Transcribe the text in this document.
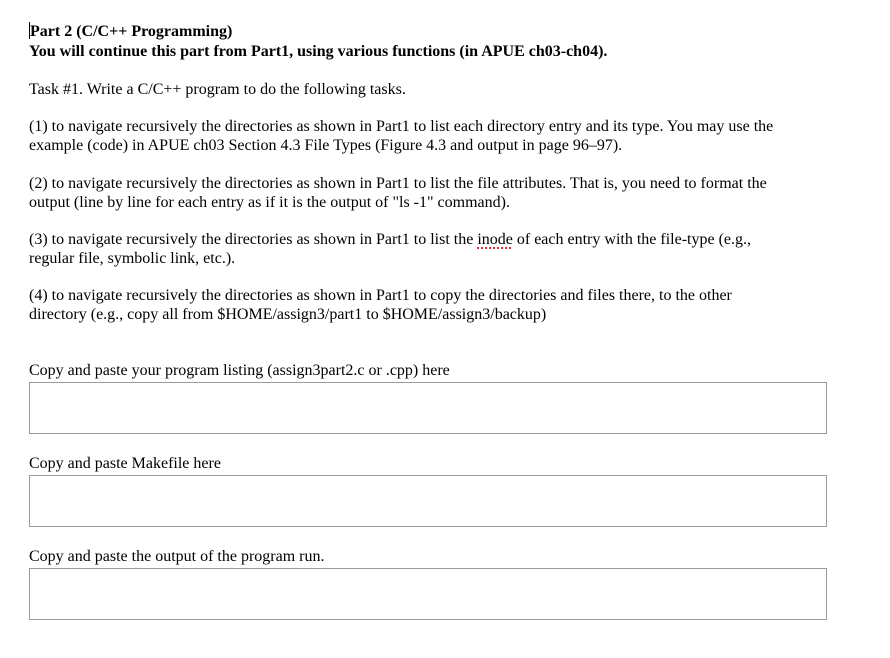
Part 2 (C/C++ Programming)
You will continue this part from Part1, using various functions (in APUE ch03-ch04).
Task #1. Write a C/C++ program to do the following tasks.
(1) to navigate recursively the directories as shown in Part1 to list each directory entry and its type. You may use the
example (code) in APUE ch03 Section 4.3 File Types (Figure 4.3 and output in page 96–97).
(2) to navigate recursively the directories as shown in Part1 to list the file attributes. That is, you need to format the
output (line by line for each entry as if it is the output of "ls -1" command).
(3) to navigate recursively the directories as shown in Part1 to list the inode of each entry with the file-type (e.g.,
regular file, symbolic link, etc.).
(4) to navigate recursively the directories as shown in Part1 to copy the directories and files there, to the other
directory (e.g., copy all from $HOME/assign3/part1 to $HOME/assign3/backup)
Copy and paste your program listing (assign3part2.c or .cpp) here
Copy and paste Makefile here
Copy and paste the output of the program run.
